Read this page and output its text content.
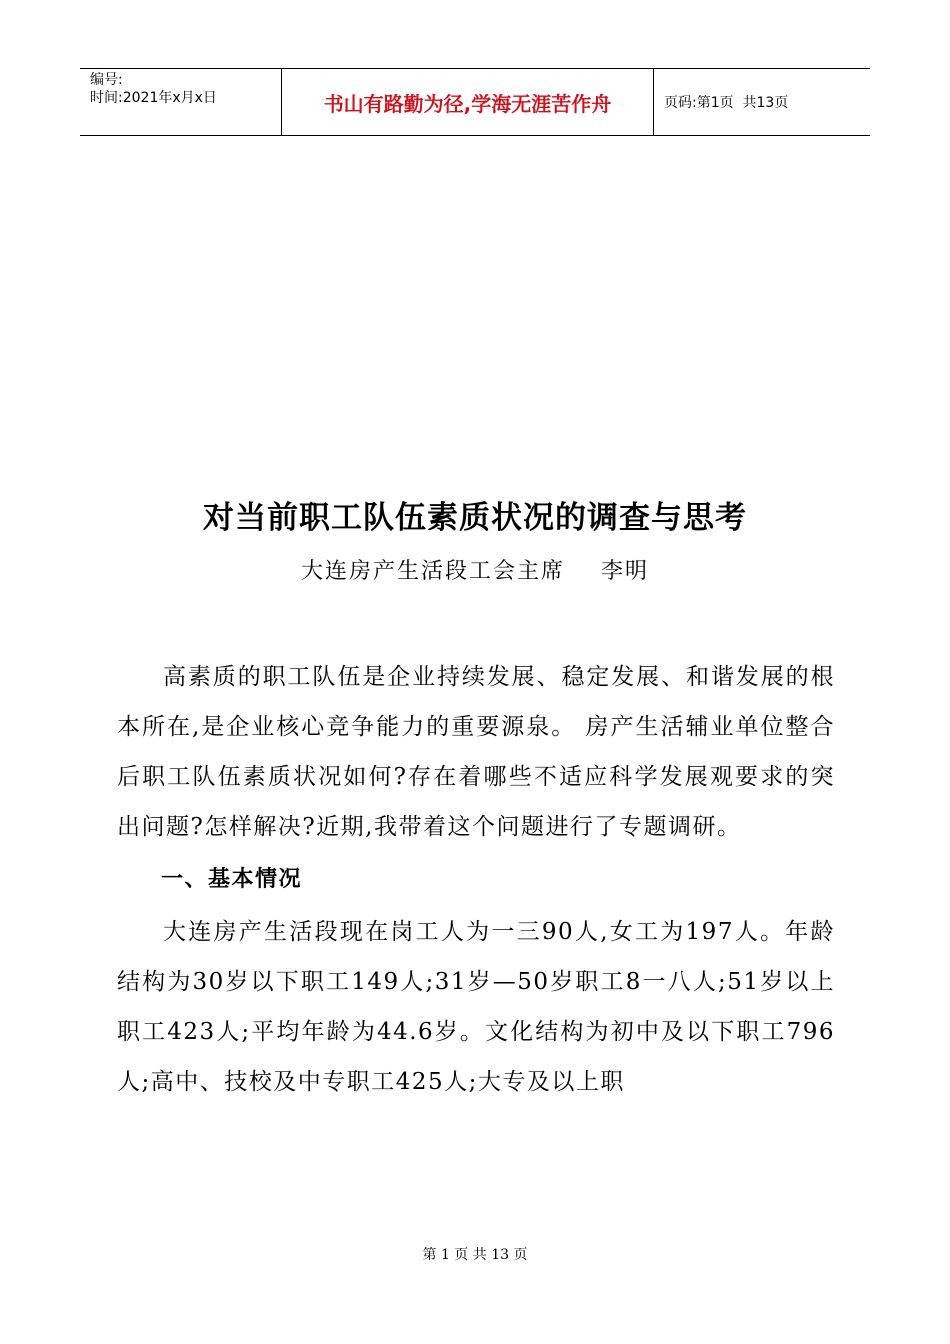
编号:
时间:2021年x月x日	书山有路勤为径,学海无涯苦作舟	页码:第1页  共13页
对当前职工队伍素质状况的调查与思考
大连房产生活段工会主席    李明

高素质的职工队伍是企业持续发展、稳定发展、和谐发展的根本所在,是企业核心竞争能力的重要源泉。 房产生活辅业单位整合后职工队伍素质状况如何?存在着哪些不适应科学发展观要求的突出问题?怎样解决?近期,我带着这个问题进行了专题调研。

一、基本情况

大连房产生活段现在岗工人为一三90人,女工为197人。年龄结构为30岁以下职工149人;31岁—50岁职工8一八人;51岁以上职工423人;平均年龄为44.6岁。文化结构为初中及以下职工796人;高中、技校及中专职工425人;大专及以上职

第 1 页 共 13 页
